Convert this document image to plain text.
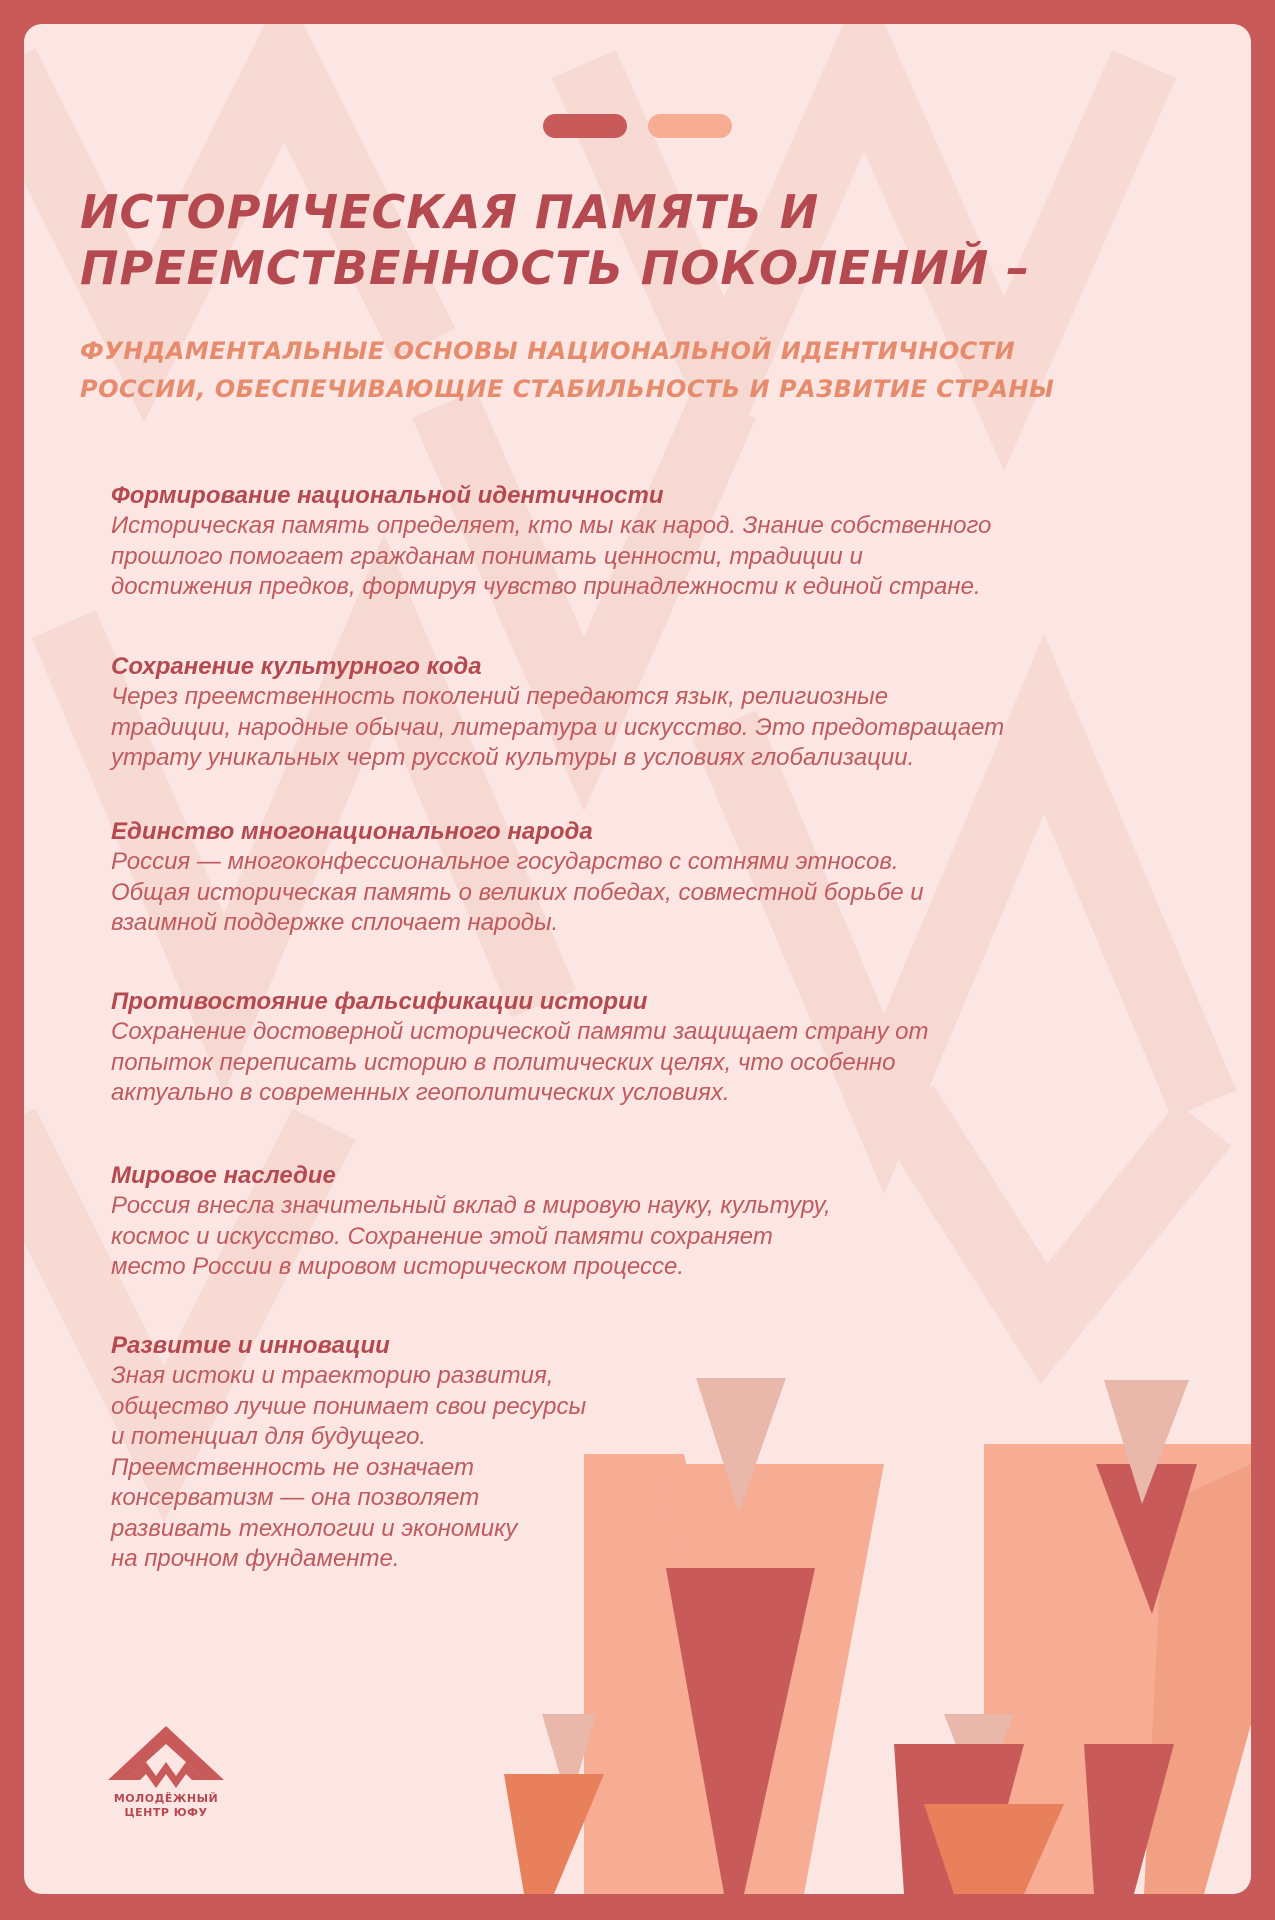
ИСТОРИЧЕСКАЯ ПАМЯТЬ И
ПРЕЕМСТВЕННОСТЬ ПОКОЛЕНИЙ –
ФУНДАМЕНТАЛЬНЫЕ ОСНОВЫ НАЦИОНАЛЬНОЙ ИДЕНТИЧНОСТИ
РОССИИ, ОБЕСПЕЧИВАЮЩИЕ СТАБИЛЬНОСТЬ И РАЗВИТИЕ СТРАНЫ
Формирование национальной идентичности
Историческая память определяет, кто мы как народ. Знание собственного
прошлого помогает гражданам понимать ценности, традиции и
достижения предков, формируя чувство принадлежности к единой стране.
Сохранение культурного кода
Через преемственность поколений передаются язык, религиозные
традиции, народные обычаи, литература и искусство. Это предотвращает
утрату уникальных черт русской культуры в условиях глобализации.
Единство многонационального народа
Россия — многоконфессиональное государство с сотнями этносов.
Общая историческая память о великих победах, совместной борьбе и
взаимной поддержке сплочает народы.
Противостояние фальсификации истории
Сохранение достоверной исторической памяти защищает страну от
попыток переписать историю в политических целях, что особенно
актуально в современных геополитических условиях.
Мировое наследие
Россия внесла значительный вклад в мировую науку, культуру,
космос и искусство. Сохранение этой памяти сохраняет
место России в мировом историческом процессе.
Развитие и инновации
Зная истоки и траекторию развития,
общество лучше понимает свои ресурсы
и потенциал для будущего.
Преемственность не означает
консерватизм — она позволяет
развивать технологии и экономику
на прочном фундаменте.
МОЛОДЁЖНЫЙ
ЦЕНТР ЮФУ
